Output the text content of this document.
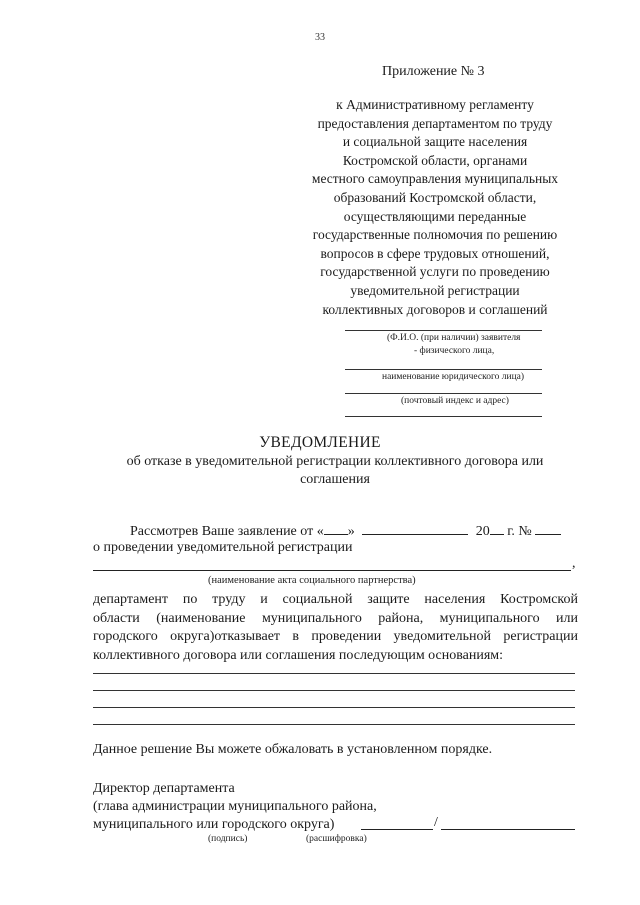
33
Приложение № 3
к Административному регламенту
предоставления департаментом по труду
и социальной защите населения
Костромской области, органами
местного самоуправления муниципальных
образований Костромской области,
осуществляющими переданные
государственные полномочия по решению
вопросов в сфере трудовых отношений,
государственной услуги по проведению
уведомительной регистрации
коллективных договоров и соглашений
(Ф.И.О. (при наличии) заявителя
- физического лица,
наименование юридического лица)
(почтовый индекс и адрес)
УВЕДОМЛЕНИЕ
об отказе в уведомительной регистрации коллективного договора или
соглашения
Рассмотрев Ваше заявление от « »	20 г. №
о проведении уведомительной регистрации
,
(наименование акта социального партнерства)
департамент по труду и социальной защите населения Костромской
области (наименование муниципального района, муниципального или
городского округа)отказывает в проведении уведомительной регистрации
коллективного договора или соглашения последующим основаниям:
Данное решение Вы можете обжаловать в установленном порядке.
Директор департамента
(глава администрации муниципального района,
муниципального или городского округа)	/
(подпись)	(расшифровка)
